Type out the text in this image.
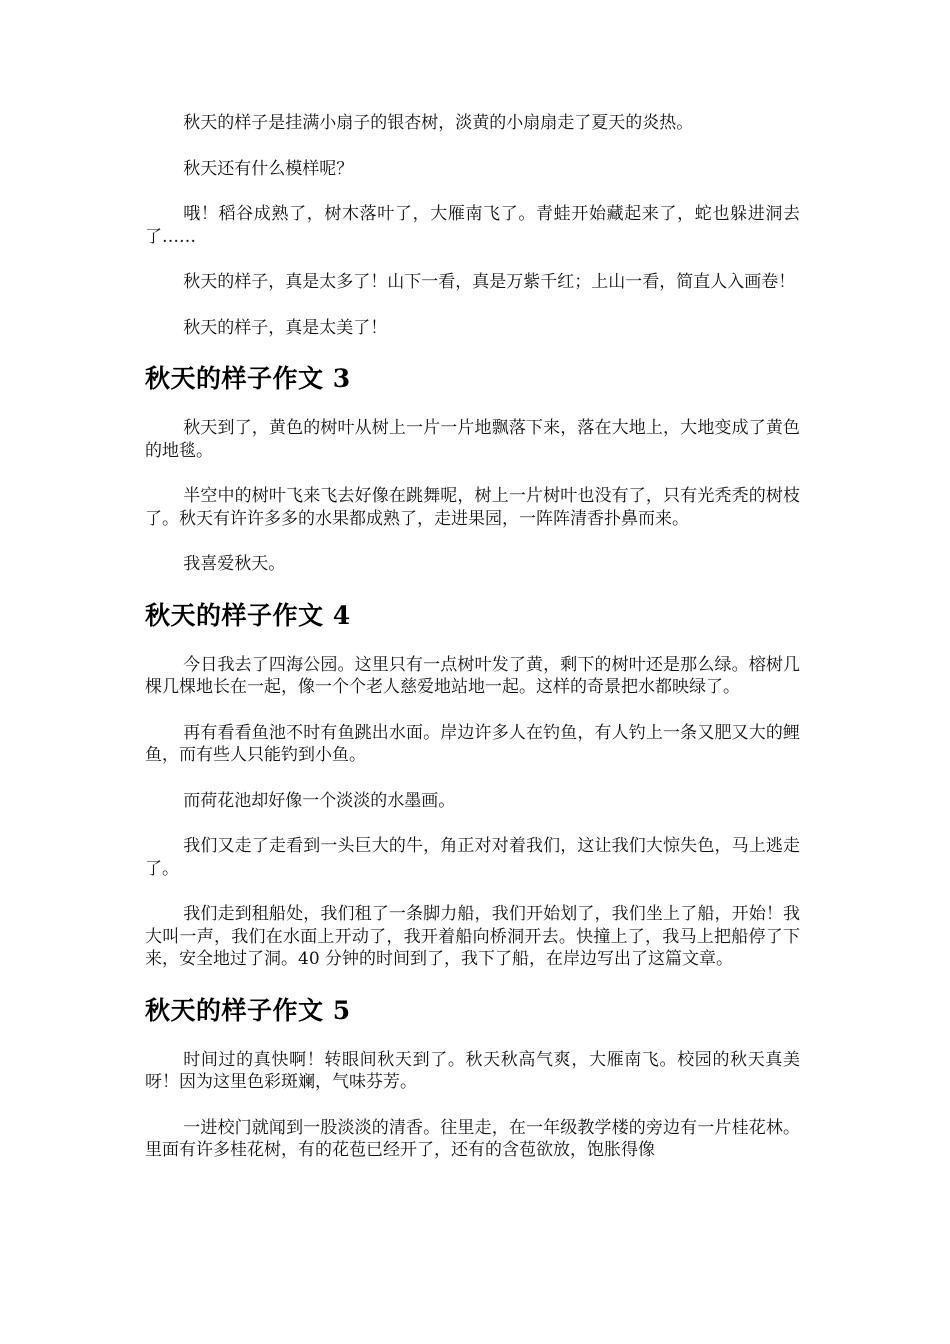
秋天的样子是挂满小扇子的银杏树，淡黄的小扇扇走了夏天的炎热。

秋天还有什么模样呢？

哦！稻谷成熟了，树木落叶了，大雁南飞了。青蛙开始藏起来了，蛇也躲进洞去了……

秋天的样子，真是太多了！山下一看，真是万紫千红；上山一看，简直人入画卷！

秋天的样子，真是太美了！

秋天的样子作文 3

秋天到了，黄色的树叶从树上一片一片地飘落下来，落在大地上，大地变成了黄色的地毯。

半空中的树叶飞来飞去好像在跳舞呢，树上一片树叶也没有了，只有光秃秃的树枝了。秋天有许许多多的水果都成熟了，走进果园，一阵阵清香扑鼻而来。

我喜爱秋天。

秋天的样子作文 4

今日我去了四海公园。这里只有一点树叶发了黄，剩下的树叶还是那么绿。榕树几棵几棵地长在一起，像一个个老人慈爱地站地一起。这样的奇景把水都映绿了。

再有看看鱼池不时有鱼跳出水面。岸边许多人在钓鱼，有人钓上一条又肥又大的鲤鱼，而有些人只能钓到小鱼。

而荷花池却好像一个淡淡的水墨画。

我们又走了走看到一头巨大的牛，角正对对着我们，这让我们大惊失色，马上逃走了。

我们走到租船处，我们租了一条脚力船，我们开始划了，我们坐上了船，开始！我大叫一声，我们在水面上开动了，我开着船向桥洞开去。快撞上了，我马上把船停了下来，安全地过了洞。40 分钟的时间到了，我下了船，在岸边写出了这篇文章。

秋天的样子作文 5

时间过的真快啊！转眼间秋天到了。秋天秋高气爽，大雁南飞。校园的秋天真美呀！因为这里色彩斑斓，气味芬芳。

一进校门就闻到一股淡淡的清香。往里走，在一年级教学楼的旁边有一片桂花林。里面有许多桂花树，有的花苞已经开了，还有的含苞欲放，饱胀得像
